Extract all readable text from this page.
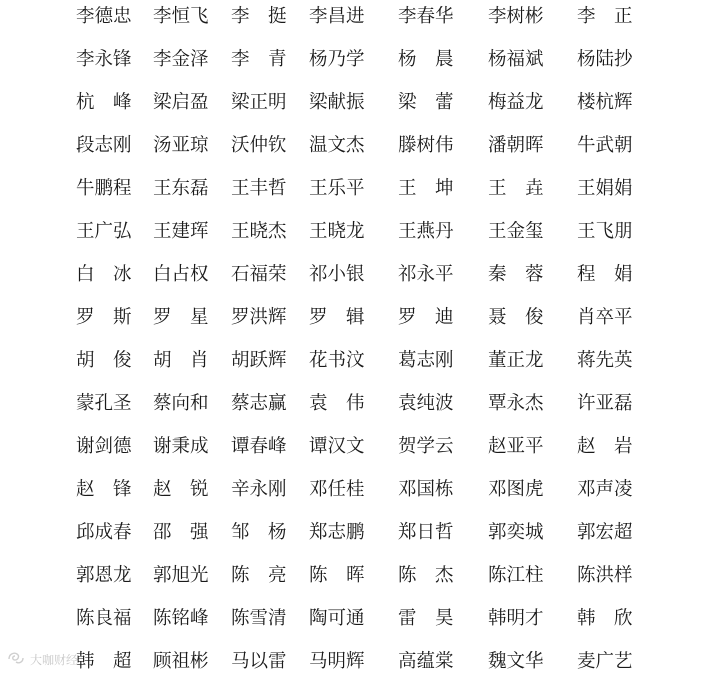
李德忠 李恒飞 李　挺 李昌进 李春华 李树彬 李　正
李永锋 李金泽 李　青 杨乃学 杨　晨 杨福斌 杨陆抄
杭　峰 梁启盈 梁正明 梁献振 梁　蕾 梅益龙 楼杭辉
段志刚 汤亚琼 沃仲钦 温文杰 滕树伟 潘朝晖 牛武朝
牛鹏程 王东磊 王丰哲 王乐平 王　坤 王　垚 王娟娟
王广弘 王建珲 王晓杰 王晓龙 王燕丹 王金玺 王飞朋
白　冰 白占权 石福荣 祁小银 祁永平 秦　蓉 程　娟
罗　斯 罗　星 罗洪辉 罗　辑 罗　迪 聂　俊 肖卒平
胡　俊 胡　肖 胡跃辉 花书汶 葛志刚 董正龙 蒋先英
蒙孔圣 蔡向和 蔡志赢 袁　伟 袁纯波 覃永杰 许亚磊
谢剑德 谢秉成 谭春峰 谭汉文 贺学云 赵亚平 赵　岩
赵　锋 赵　锐 辛永刚 邓任桂 邓国栋 邓图虎 邓声凌
邱成春 邵　强 邹　杨 郑志鹏 郑日哲 郭奕城 郭宏超
郭恩龙 郭旭光 陈　亮 陈　晖 陈　杰 陈江柱 陈洪样
陈良福 陈铭峰 陈雪清 陶可通 雷　昊 韩明才 韩　欣
韩　超 顾祖彬 马以雷 马明辉 高蕴棠 魏文华 麦广艺
大咖财经
